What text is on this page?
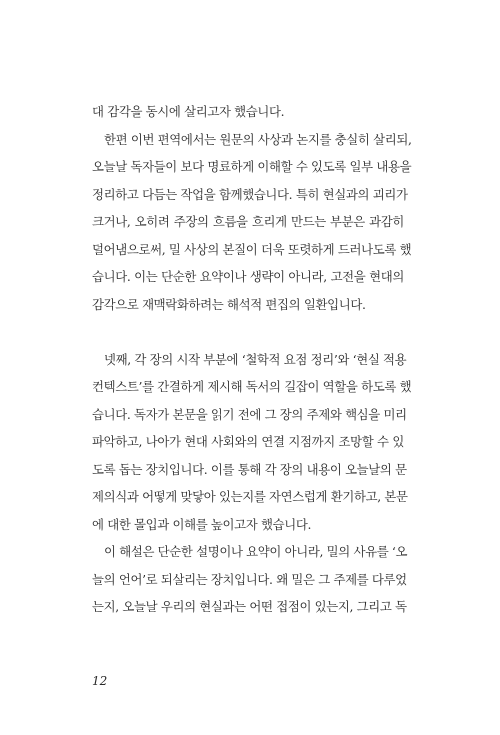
대 감각을 동시에 살리고자 했습니다.
한편 이번 편역에서는 원문의 사상과 논지를 충실히 살리되,
오늘날 독자들이 보다 명료하게 이해할 수 있도록 일부 내용을
정리하고 다듬는 작업을 함께했습니다. 특히 현실과의 괴리가
크거나, 오히려 주장의 흐름을 흐리게 만드는 부분은 과감히
덜어냄으로써, 밀 사상의 본질이 더욱 또렷하게 드러나도록 했
습니다. 이는 단순한 요약이나 생략이 아니라, 고전을 현대의
감각으로 재맥락화하려는 해석적 편집의 일환입니다.
넷째, 각 장의 시작 부분에 ‘철학적 요점 정리’와 ‘현실 적용
컨텍스트’를 간결하게 제시해 독서의 길잡이 역할을 하도록 했
습니다. 독자가 본문을 읽기 전에 그 장의 주제와 핵심을 미리
파악하고, 나아가 현대 사회와의 연결 지점까지 조망할 수 있
도록 돕는 장치입니다. 이를 통해 각 장의 내용이 오늘날의 문
제의식과 어떻게 맞닿아 있는지를 자연스럽게 환기하고, 본문
에 대한 몰입과 이해를 높이고자 했습니다.
이 해설은 단순한 설명이나 요약이 아니라, 밀의 사유를 ‘오
늘의 언어’로 되살리는 장치입니다. 왜 밀은 그 주제를 다루었
는지, 오늘날 우리의 현실과는 어떤 접점이 있는지, 그리고 독
12
